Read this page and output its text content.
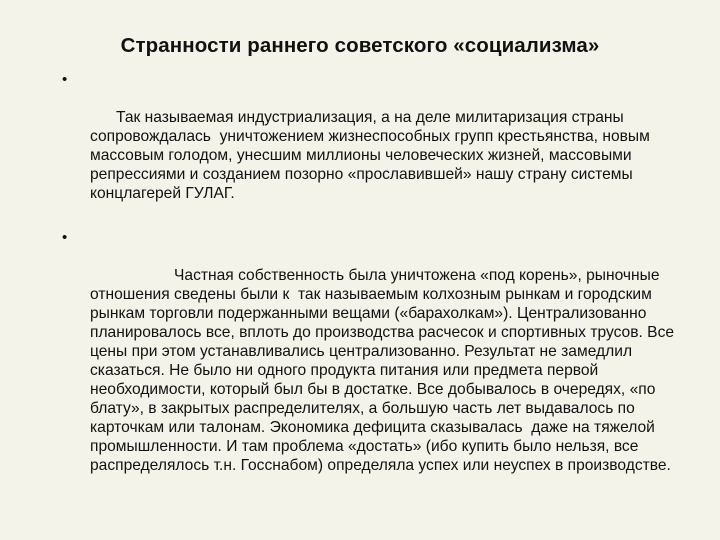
Странности раннего советского «социализма»

•

Так называемая индустриализация, а на деле милитаризация страны сопровождалась  уничтожением жизнеспособных групп крестьянства, новым массовым голодом, унесшим миллионы человеческих жизней, массовыми репрессиями и созданием позорно «прославившей» нашу страну системы концлагерей ГУЛАГ.

•

Частная собственность была уничтожена «под корень», рыночные отношения сведены были к  так называемым колхозным рынкам и городским рынкам торговли подержанными вещами («барахолкам»). Централизованно планировалось все, вплоть до производства расчесок и спортивных трусов. Все цены при этом устанавливались централизованно. Результат не замедлил сказаться. Не было ни одного продукта питания или предмета первой необходимости, который был бы в достатке. Все добывалось в очередях, «по блату», в закрытых распределителях, а большую часть лет выдавалось по карточкам или талонам. Экономика дефицита сказывалась  даже на тяжелой промышленности. И там проблема «достать» (ибо купить было нельзя, все распределялось т.н. Госснабом) определяла успех или неуспех в производстве.
